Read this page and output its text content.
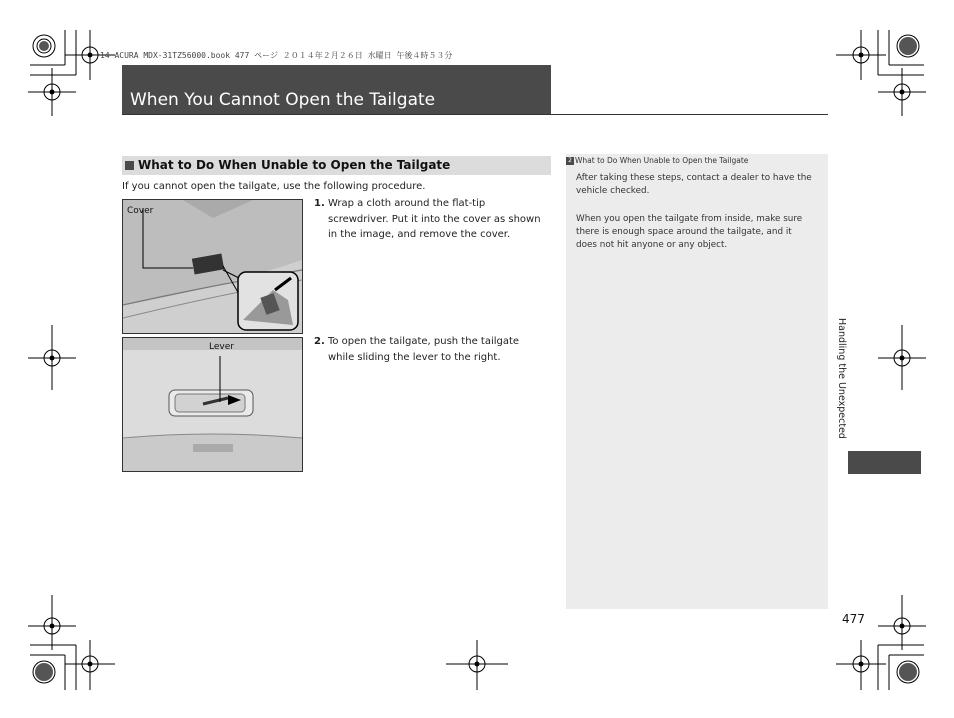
14 ACURA MDX-31TZ56000.book 477 ページ ２０１４年２月２６日 水曜日 午後４時５３分
When You Cannot Open the Tailgate
What to Do When Unable to Open the Tailgate
If you cannot open the tailgate, use the following procedure.
Cover
1. Wrap a cloth around the flat-tip
screwdriver. Put it into the cover as shown
in the image, and remove the cover.
Lever	2. To open the tailgate, push the tailgate
while sliding the lever to the right.
2 What to Do When Unable to Open the Tailgate
After taking these steps, contact a dealer to have the
vehicle checked.
When you open the tailgate from inside, make sure
there is enough space around the tailgate, and it
does not hit anyone or any object.
Handling the Unexpected
477
